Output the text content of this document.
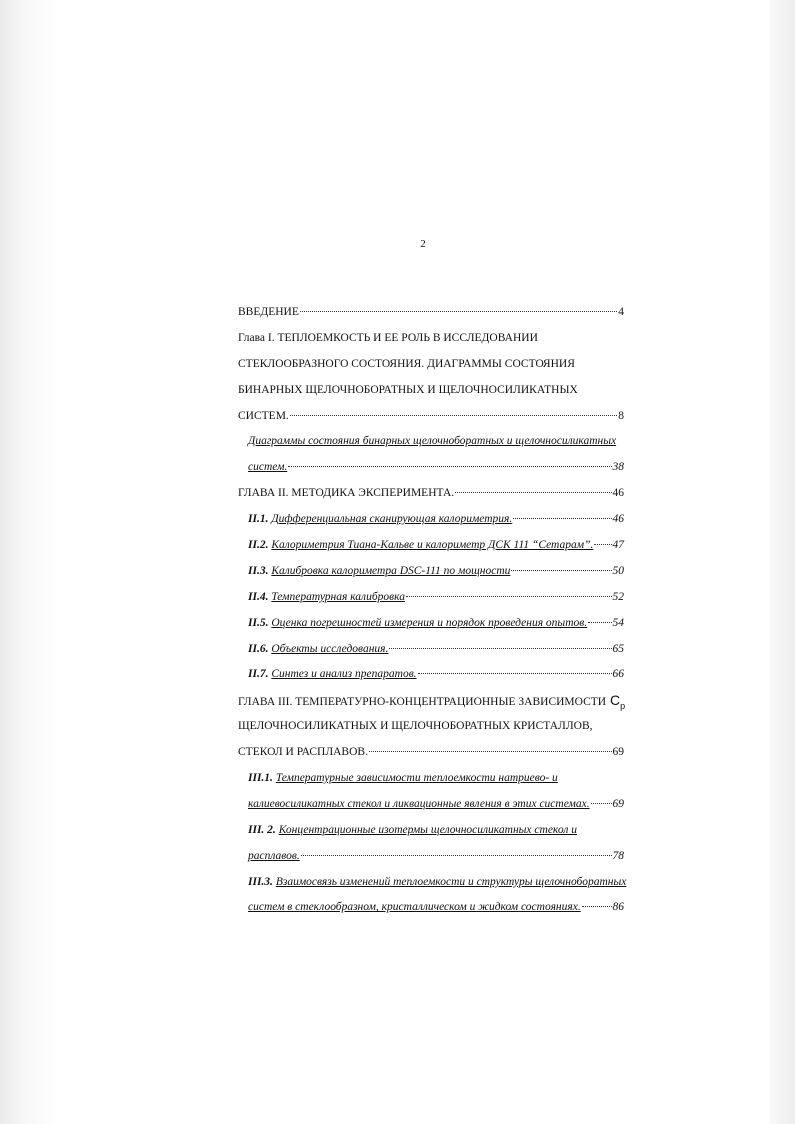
2
ВВЕДЕНИЕ	4
Глава I. ТЕПЛОЕМКОСТЬ И ЕЕ РОЛЬ В ИССЛЕДОВАНИИ
СТЕКЛООБРАЗНОГО СОСТОЯНИЯ. ДИАГРАММЫ СОСТОЯНИЯ
БИНАРНЫХ ЩЕЛОЧНОБОРАТНЫХ И ЩЕЛОЧНОСИЛИКАТНЫХ
СИСТЕМ.	8
Диаграммы состояния бинарных щелочноборатных и щелочносиликатных
систем.	38
ГЛАВА II. МЕТОДИКА ЭКСПЕРИМЕНТА.	46
II.1. Дифференциальная сканирующая калориметрия.	46
II.2. Калориметрия Тиана-Кальве и калориметр ДСК 111 “Сетарам”. 47
II.3. Калибровка калориметра DSC-111 по мощности	50
II.4. Температурная калибровка	52
II.5. Оценка погрешностей измерения и порядок проведения опытов. 54
II.6. Объекты исследования.	65
II.7. Синтез и анализ препаратов.	66
ГЛАВА III. ТЕМПЕРАТУРНО-КОНЦЕНТРАЦИОННЫЕ ЗАВИСИМОСТИ $C_p$
ЩЕЛОЧНОСИЛИКАТНЫХ И ЩЕЛОЧНОБОРАТНЫХ КРИСТАЛЛОВ,
СТЕКОЛ И РАСПЛАВОВ.	69
III.1. Температурные зависимости теплоемкости натриево- и
калиевосиликатных стекол и ликвационные явления в этих системах. 69
III. 2. Концентрационные изотермы щелочносиликатных стекол и
расплавов.	78
III.3. Взаимосвязь изменений теплоемкости и структуры щелочноборатных
систем в стеклообразном, кристаллическом и жидком состояниях.	86
